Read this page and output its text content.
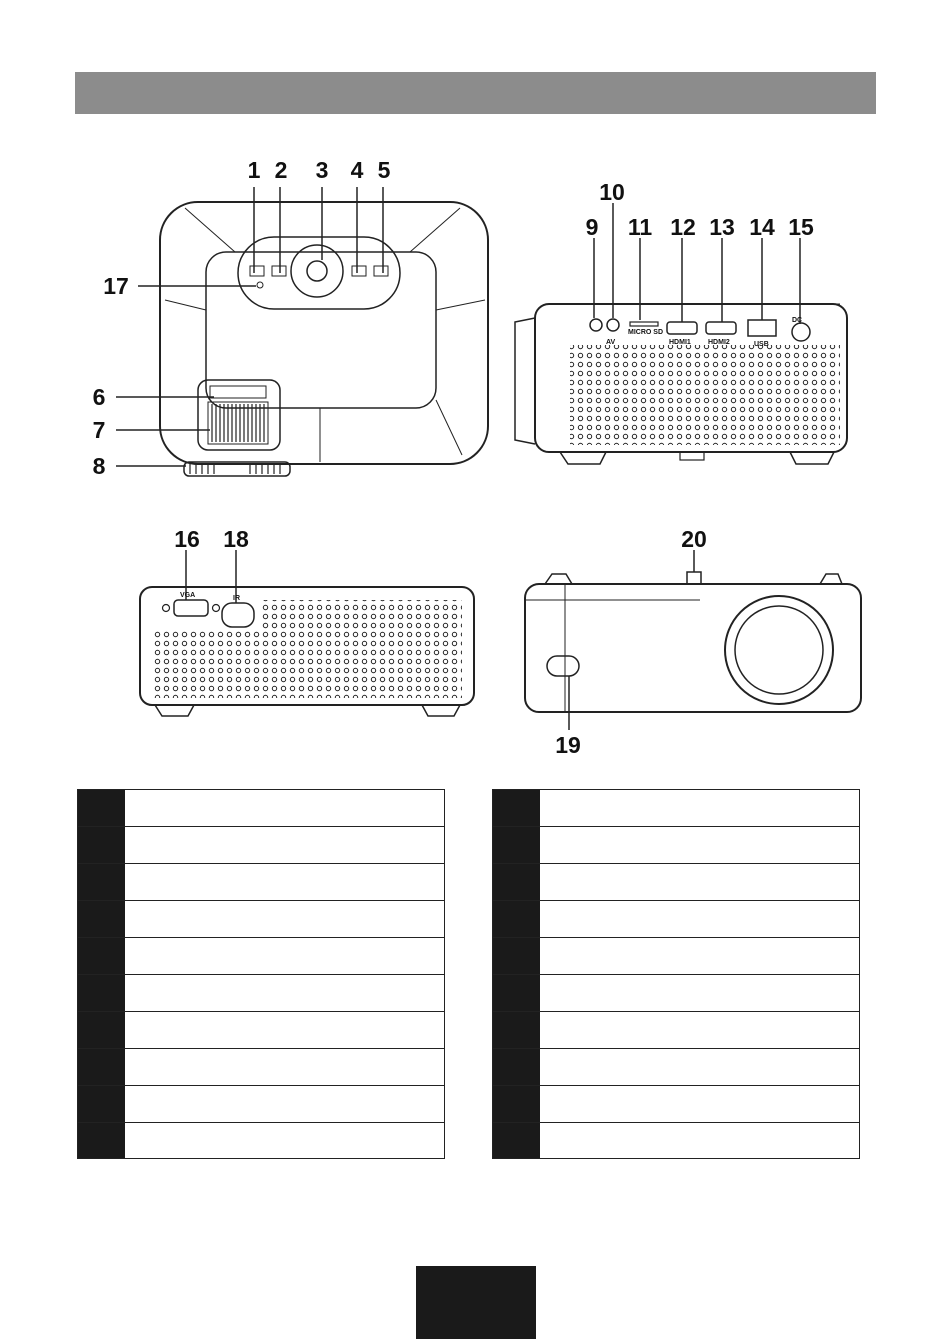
AV
MICRO SD
HDMI1 HDMI2	USB
DC
VGA	IR
1 2 3 4 5
6
7
8
9
10
11 12 13 14 15
16
17
18
19
20
